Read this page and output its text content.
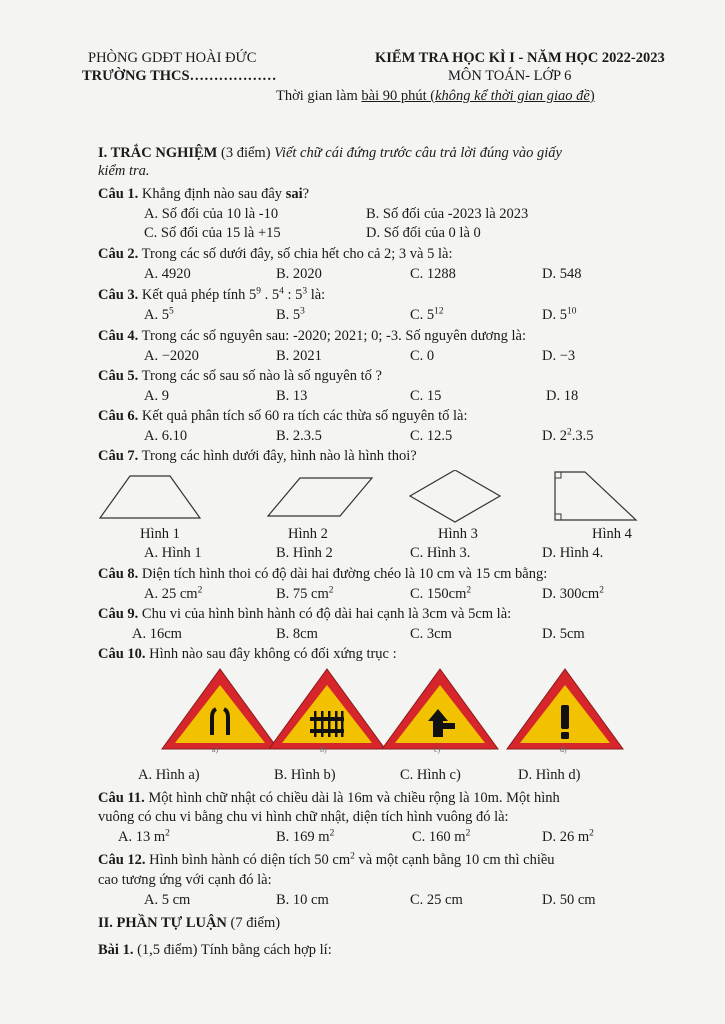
PHÒNG GDĐT HOÀI ĐỨC
TRƯỜNG THCS………………
KIỂM TRA HỌC KÌ I - NĂM HỌC 2022-2023
MÔN TOÁN- LỚP 6
Thời gian làm bài 90 phút (không kể thời gian giao đề)
I. TRẮC NGHIỆM (3 điểm) Viết chữ cái đứng trước câu trả lời đúng vào giấy
kiểm tra.
Câu 1. Khẳng định nào sau đây sai?
A. Số đối của 10 là -10	B. Số đối của -2023 là 2023
C. Số đối của 15 là +15	D. Số đối của 0 là 0
Câu 2. Trong các số dưới đây, số chia hết cho cả 2; 3 và 5 là:
A. 4920	B. 2020	C. 1288	D. 548
Câu 3. Kết quả phép tính $5^9$ . $5^4$ : $5^3$ là:
A. $5^5$	B. $5^3$	C. $5^{12}$	D. $5^{10}$
Câu 4. Trong các số nguyên sau: -2020; 2021; 0; -3. Số nguyên dương là:
A. −2020	B. 2021	C. 0	D. −3
Câu 5. Trong các số sau số nào là số nguyên tố ?
A. 9	B. 13	C. 15	D. 18
Câu 6. Kết quả phân tích số 60 ra tích các thừa số nguyên tố là:
A. 6.10	B. 2.3.5	C. 12.5	D. $2^2.3.5$
Câu 7. Trong các hình dưới đây, hình nào là hình thoi?
Hình 1	Hình 2	Hình 3	Hình 4
A. Hình 1	B. Hình 2	C. Hình 3.	D. Hình 4.
Câu 8. Diện tích hình thoi có độ dài hai đường chéo là 10 cm và 15 cm bằng:
A. 25 $cm^2$	B. 75 $cm^2$	C. $150cm^2$	D. $300cm^2$
Câu 9. Chu vi của hình bình hành có độ dài hai cạnh là 3cm và 5cm là:
A. 16cm	B. 8cm	C. 3cm	D. 5cm
Câu 10. Hình nào sau đây không có đối xứng trục :
a)	b)	c)	d)
A. Hình a)	B. Hình b)	C. Hình c)	D. Hình d)
Câu 11. Một hình chữ nhật có chiều dài là 16m và chiều rộng là 10m. Một hình
vuông có chu vi bằng chu vi hình chữ nhật, diện tích hình vuông đó là:
A. 13 $m^2$	B. 169 $m^2$	C. 160 $m^2$	D. 26 $m^2$
Câu 12. Hình bình hành có diện tích 50 $cm^2$ và một cạnh bằng 10 cm thì chiều
cao tương ứng với cạnh đó là:
A. 5 cm	B. 10 cm	C. 25 cm	D. 50 cm
II. PHẦN TỰ LUẬN (7 điểm)
Bài 1. (1,5 điểm) Tính bằng cách hợp lí:
